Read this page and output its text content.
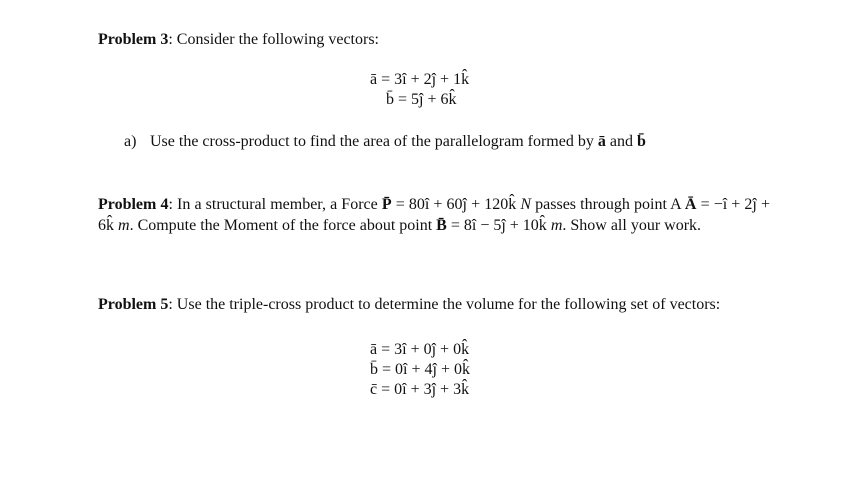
Problem 3: Consider the following vectors:
ā = 3î + 2ĵ + 1k̂
b̄ = 5ĵ + 6k̂
a) Use the cross-product to find the area of the parallelogram formed by ā and b̄
Problem 4: In a structural member, a Force P̄ = 80î + 60ĵ + 120k̂ N passes through point A Ā = −î + 2ĵ + 6k̂ m. Compute the Moment of the force about point B̄ = 8î − 5ĵ + 10k̂ m. Show all your work.
Problem 5: Use the triple-cross product to determine the volume for the following set of vectors:
ā = 3î + 0ĵ + 0k̂
b̄ = 0î + 4ĵ + 0k̂
c̄ = 0î + 3ĵ + 3k̂
